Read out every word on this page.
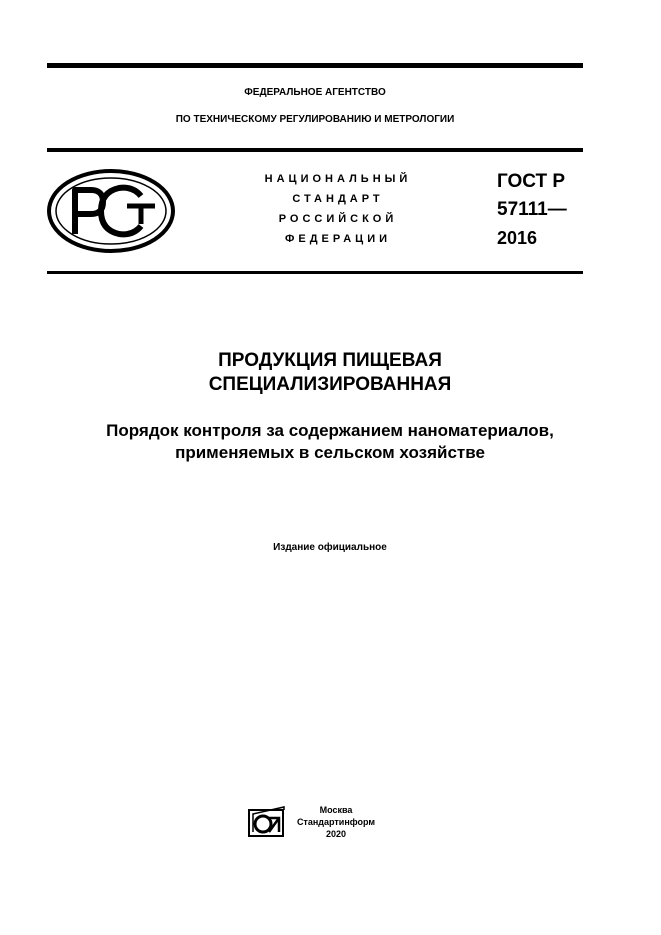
ФЕДЕРАЛЬНОЕ АГЕНТСТВО
ПО ТЕХНИЧЕСКОМУ РЕГУЛИРОВАНИЮ И МЕТРОЛОГИИ
НАЦИОНАЛЬНЫЙ
СТАНДАРТ
РОССИЙСКОЙ
ФЕДЕРАЦИИ
ГОСТ Р
57111—
2016
ПРОДУКЦИЯ ПИЩЕВАЯ
СПЕЦИАЛИЗИРОВАННАЯ
Порядок контроля за содержанием наноматериалов,
применяемых в сельском хозяйстве
Издание официальное
Москва
Стандартинформ
2020
